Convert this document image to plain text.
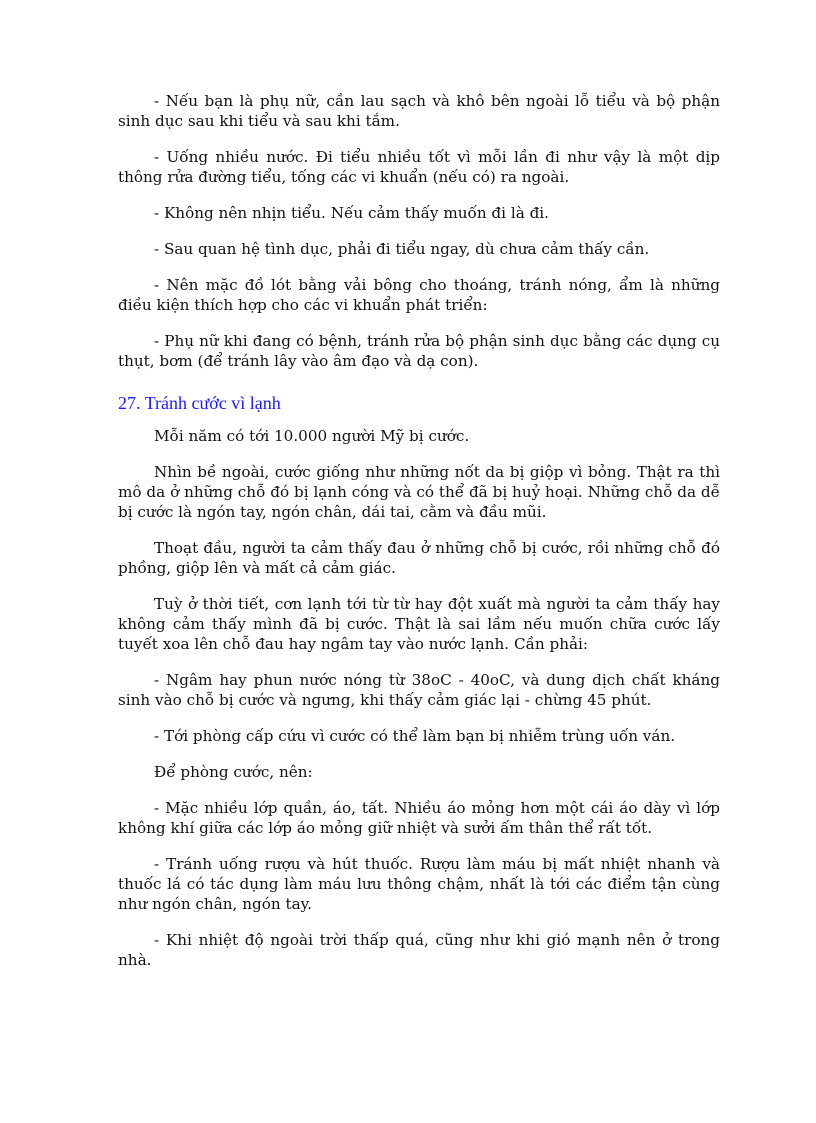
- Nếu bạn là phụ nữ, cần lau sạch và khô bên ngoài lỗ tiểu và bộ phận sinh dục sau khi tiểu và sau khi tắm.

- Uống nhiều nước. Đi tiểu nhiều tốt vì mỗi lần đi như vậy là một dịp thông rửa đường tiểu, tống các vi khuẩn (nếu có) ra ngoài.

- Không nên nhịn tiểu. Nếu cảm thấy muốn đi là đi.

- Sau quan hệ tình dục, phải đi tiểu ngay, dù chưa cảm thấy cần.

- Nên mặc đồ lót bằng vải bông cho thoáng, tránh nóng, ẩm là những điều kiện thích hợp cho các vi khuẩn phát triển:

- Phụ nữ khi đang có bệnh, tránh rửa bộ phận sinh dục bằng các dụng cụ thụt, bơm (để tránh lây vào âm đạo và dạ con).

27. Tránh cước vì lạnh

Mỗi năm có tới 10.000 người Mỹ bị cước.

Nhìn bề ngoài, cước giống như những nốt da bị giộp vì bỏng. Thật ra thì mô da ở những chỗ đó bị lạnh cóng và có thể đã bị huỷ hoại. Những chỗ da dễ bị cước là ngón tay, ngón chân, dái tai, cằm và đầu mũi.

Thoạt đầu, người ta cảm thấy đau ở những chỗ bị cước, rồi những chỗ đó phồng, giộp lên và mất cả cảm giác.

Tuỳ ở thời tiết, cơn lạnh tới từ từ hay đột xuất mà người ta cảm thấy hay không cảm thấy mình đã bị cước. Thật là sai lầm nếu muốn chữa cước lấy tuyết xoa lên chỗ đau hay ngâm tay vào nước lạnh. Cần phải:

- Ngâm hay phun nước nóng từ 38oC - 40oC, và dung dịch chất kháng sinh vào chỗ bị cước và ngưng, khi thấy cảm giác lại - chừng 45 phút.

- Tới phòng cấp cứu vì cước có thể làm bạn bị nhiễm trùng uốn ván.

Để phòng cước, nên:

- Mặc nhiều lớp quần, áo, tất. Nhiều áo mỏng hơn một cái áo dày vì lớp không khí giữa các lớp áo mỏng giữ nhiệt và sưởi ấm thân thể rất tốt.

- Tránh uống rượu và hút thuốc. Rượu làm máu bị mất nhiệt nhanh và thuốc lá có tác dụng làm máu lưu thông chậm, nhất là tới các điểm tận cùng như ngón chân, ngón tay.

- Khi nhiệt độ ngoài trời thấp quá, cũng như khi gió mạnh nên ở trong nhà.
